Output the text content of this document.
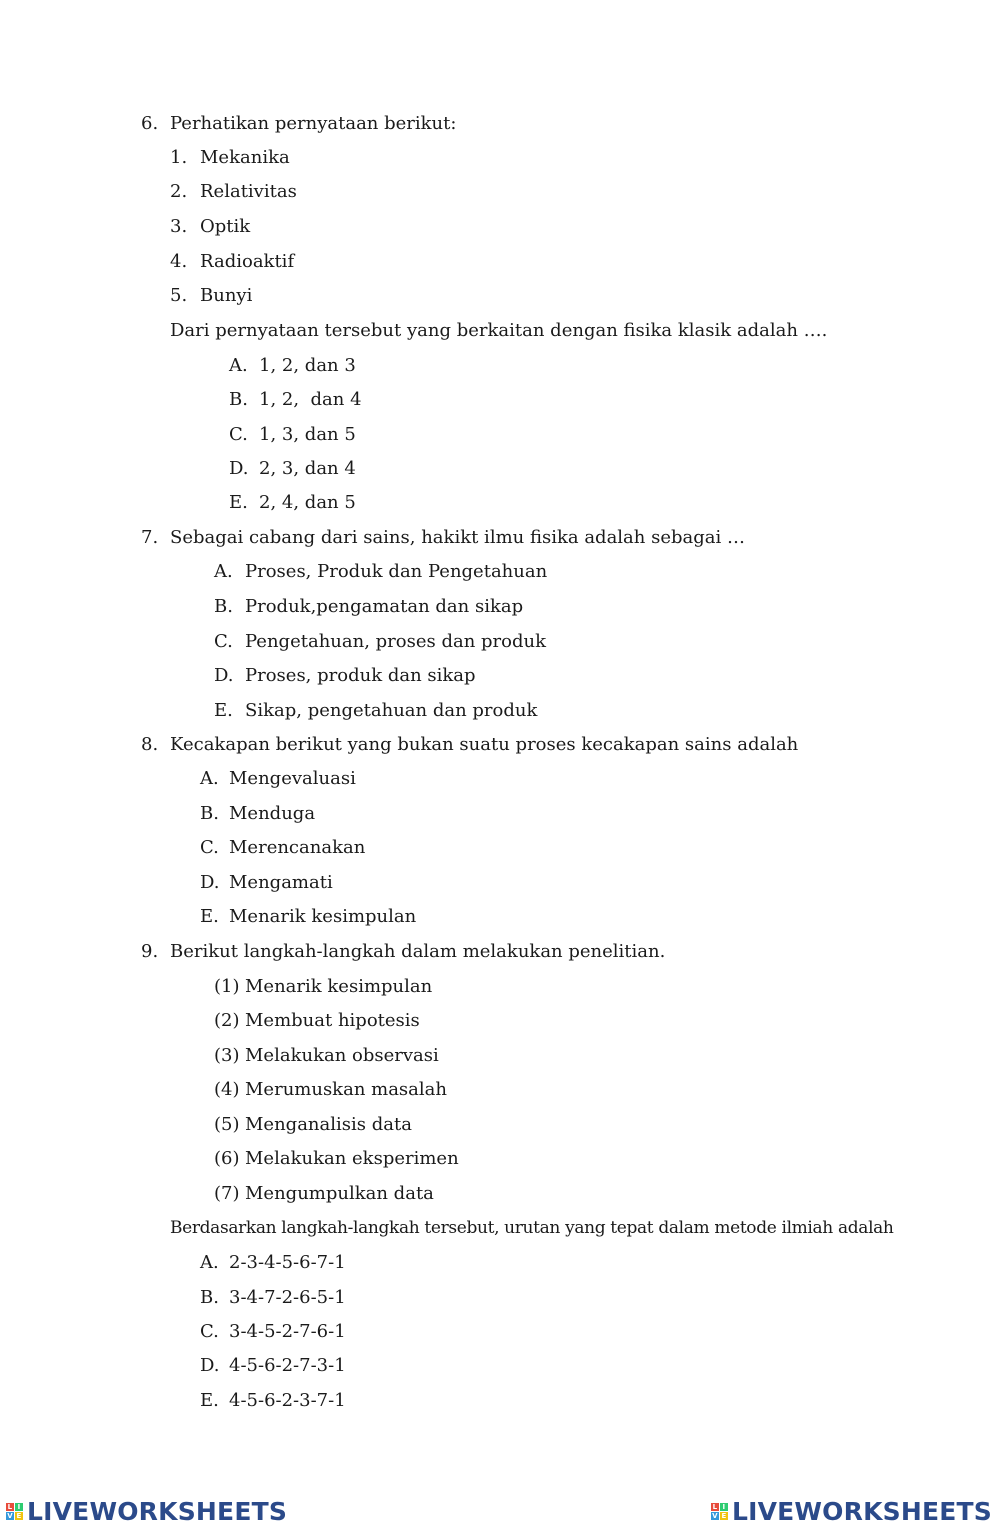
6. Perhatikan pernyataan berikut:
1. Mekanika
2. Relativitas
3. Optik
4. Radioaktif
5. Bunyi
Dari pernyataan tersebut yang berkaitan dengan fisika klasik adalah ….
A. 1, 2, dan 3
B. 1, 2,  dan 4
C. 1, 3, dan 5
D. 2, 3, dan 4
E. 2, 4, dan 5
7. Sebagai cabang dari sains, hakikt ilmu fisika adalah sebagai …
A. Proses, Produk dan Pengetahuan
B. Produk,pengamatan dan sikap
C. Pengetahuan, proses dan produk
D. Proses, produk dan sikap
E. Sikap, pengetahuan dan produk
8. Kecakapan berikut yang bukan suatu proses kecakapan sains adalah
A. Mengevaluasi
B. Menduga
C. Merencanakan
D. Mengamati
E. Menarik kesimpulan
9. Berikut langkah-langkah dalam melakukan penelitian.
(1) Menarik kesimpulan
(2) Membuat hipotesis
(3) Melakukan observasi
(4) Merumuskan masalah
(5) Menganalisis data
(6) Melakukan eksperimen
(7) Mengumpulkan data
Berdasarkan langkah-langkah tersebut, urutan yang tepat dalam metode ilmiah adalah
A. 2-3-4-5-6-7-1
B. 3-4-7-2-6-5-1
C. 3-4-5-2-7-6-1
D. 4-5-6-2-7-3-1
E. 4-5-6-2-3-7-1
L I
V E LIVEWORKSHEETS	L I
V E LIVEWORKSHEETS
